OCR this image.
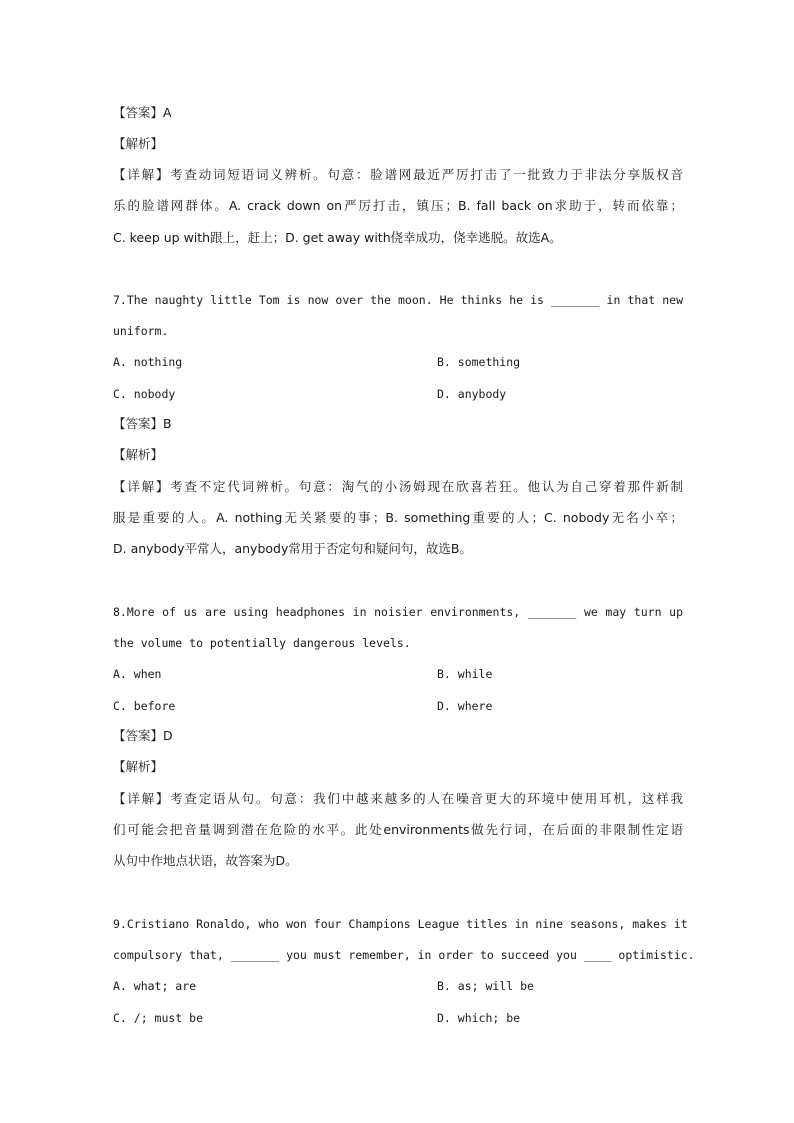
【答案】A
【解析】
【详解】考查动词短语词义辨析。句意：脸谱网最近严厉打击了一批致力于非法分享版权音
乐的脸谱网群体。A. crack down on严厉打击，镇压；B. fall back on求助于，转而依靠；
C. keep up with跟上，赶上；D. get away with侥幸成功，侥幸逃脱。故选A。
7.The naughty little Tom is now over the moon. He thinks he is _______ in that new
uniform.
A. nothing	B. something
C. nobody	D. anybody
【答案】B
【解析】
【详解】考查不定代词辨析。句意：淘气的小汤姆现在欣喜若狂。他认为自己穿着那件新制
服是重要的人。A. nothing无关紧要的事；B. something重要的人；C. nobody无名小卒；
D. anybody平常人，anybody常用于否定句和疑问句，故选B。
8.More of us are using headphones in noisier environments, _______ we may turn up
the volume to potentially dangerous levels.
A. when	B. while
C. before	D. where
【答案】D
【解析】
【详解】考查定语从句。句意：我们中越来越多的人在噪音更大的环境中使用耳机，这样我
们可能会把音量调到潜在危险的水平。此处environments做先行词，在后面的非限制性定语
从句中作地点状语，故答案为D。
9.Cristiano Ronaldo, who won four Champions League titles in nine seasons, makes it
compulsory that, _______ you must remember, in order to succeed you ____ optimistic.
A. what; are	B. as; will be
C. /; must be	D. which; be
